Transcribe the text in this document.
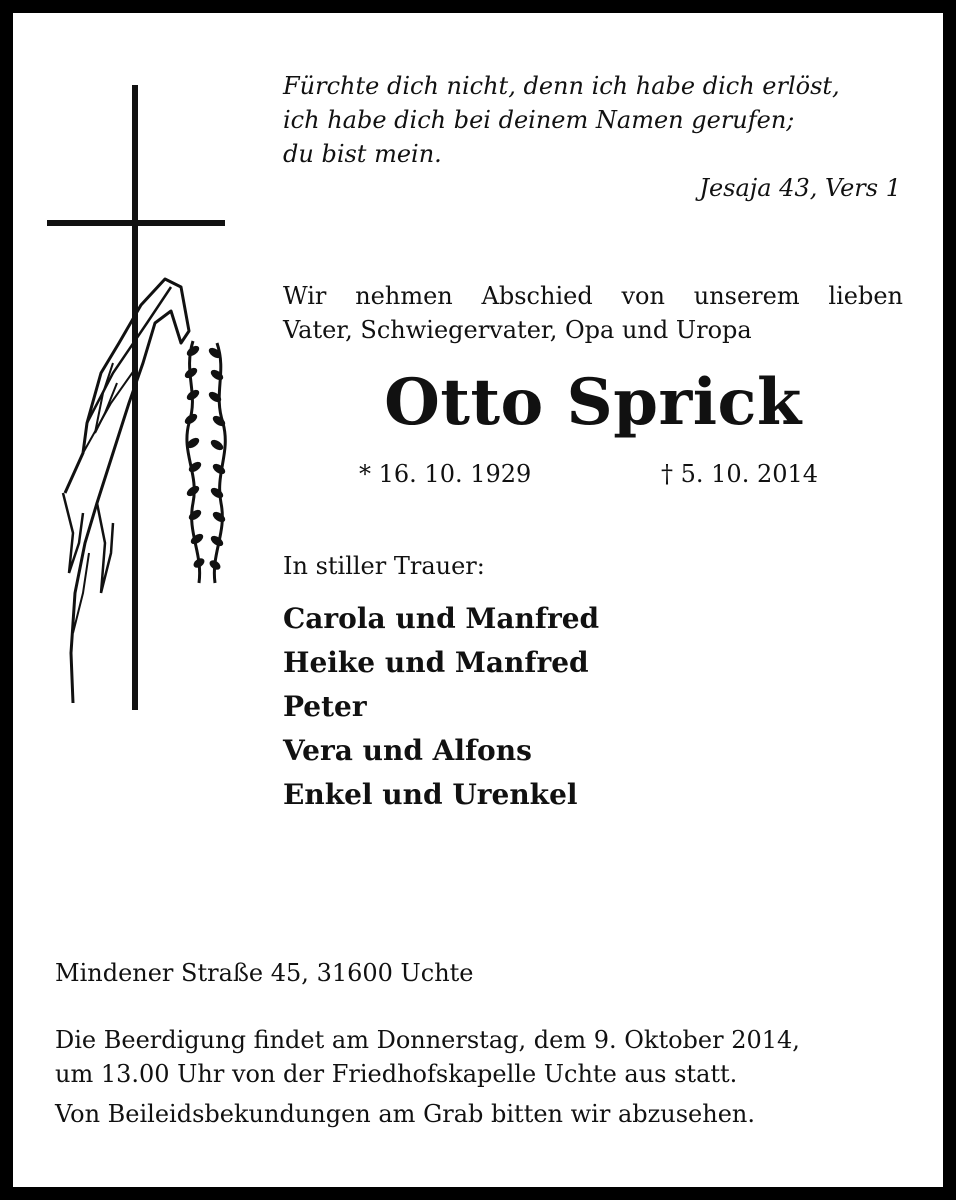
Fürchte dich nicht, denn ich habe dich erlöst,
ich habe dich bei deinem Namen gerufen;
du bist mein.
Jesaja 43, Vers 1
Wir nehmen Abschied von unserem lieben
Vater, Schwiegervater, Opa und Uropa
Otto Sprick
* 16. 10. 1929	† 5. 10. 2014
In stiller Trauer:
Carola und Manfred
Heike und Manfred
Peter
Vera und Alfons
Enkel und Urenkel
Mindener Straße 45, 31600 Uchte
Die Beerdigung findet am Donnerstag, dem 9. Oktober 2014,
um 13.00 Uhr von der Friedhofskapelle Uchte aus statt.
Von Beileidsbekundungen am Grab bitten wir abzusehen.
